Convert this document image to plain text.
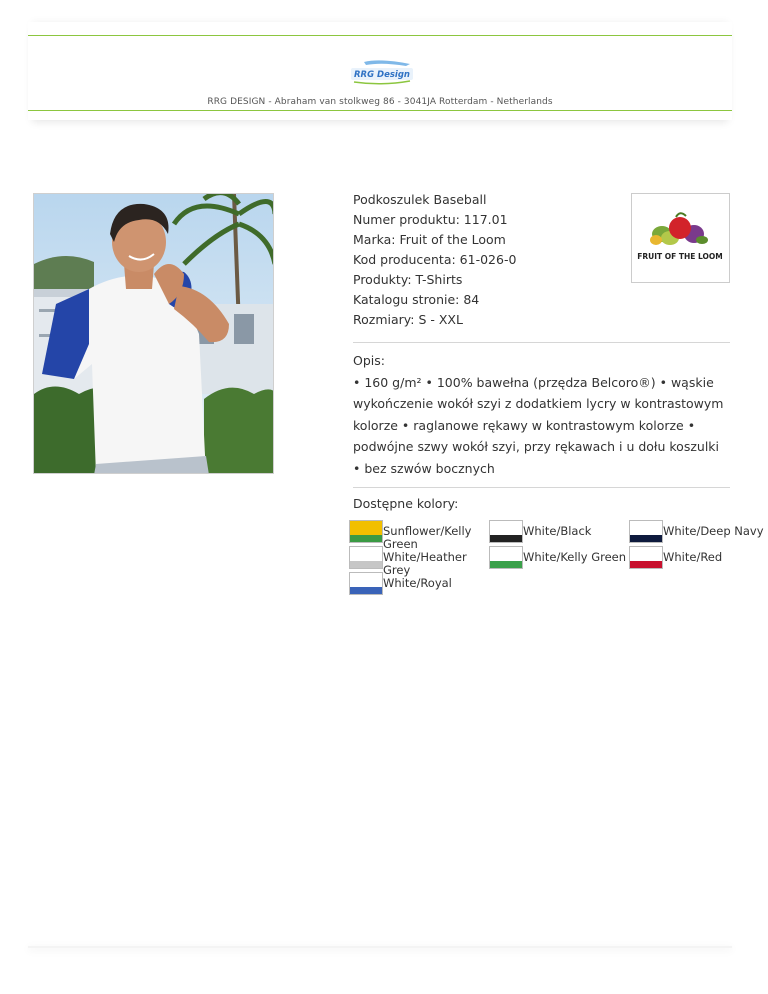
RRG Design
RRG DESIGN - Abraham van stolkweg 86 - 3041JA Rotterdam - Netherlands
Podkoszulek Baseball
Numer produktu: 117.01
Marka: Fruit of the Loom
Kod producenta: 61-026-0
Produkty: T-Shirts
Katalogu stronie: 84
Rozmiary: S - XXL
FRUIT OF THE LOOM
Opis:
• 160 g/m² • 100% bawełna (przędza Belcoro®) • wąskie wykończenie wokół szyi z dodatkiem lycry w kontrastowym kolorze • raglanowe rękawy w kontrastowym kolorze • podwójne szwy wokół szyi, przy rękawach i u dołu koszulki • bez szwów bocznych
Dostępne kolory:
Sunflower/Kelly Green
White/Black	White/Deep Navy
White/Heather Grey
White/Kelly Green	White/Red
White/Royal
